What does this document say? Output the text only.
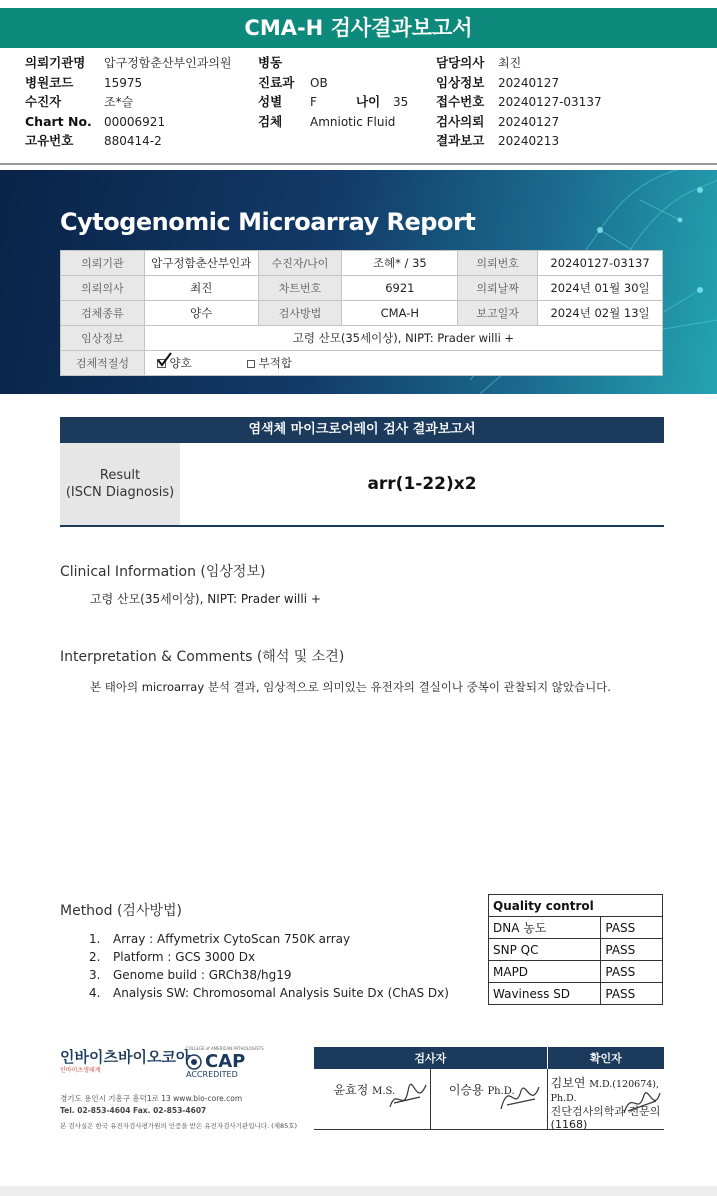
CMA-H 검사결과보고서
의뢰기관명 압구정함춘산부인과의원 병동	담당의사 최진
병원코드	15975	진료과 OB	임상정보 20240127
수진자	조*슬	성별 F	나이 35 접수번호 20240127-03137
Chart No. 00006921	검체 Amniotic Fluid	검사의뢰 20240127
고유번호	880414-2	결과보고 20240213
Cytogenomic Microarray Report
의뢰기관	압구정함춘산부인과	수진자/나이	조혜* / 35	의뢰번호	20240127-03137
의뢰의사	최진	차트번호	6921	의뢰날짜	2024년 01월 30일
검체종류	양수	검사방법	CMA-H	보고일자	2024년 02월 13일
임상정보	고령 산모(35세이상), NIPT: Prader willi +				
검체적절성	양호 부적합				
염색체 마이크로어레이 검사 결과보고서
Result
(ISCN Diagnosis)	arr(1-22)x2
Clinical Information (임상정보)
고령 산모(35세이상), NIPT: Prader willi +
Interpretation & Comments (해석 및 소견)
본 태아의 microarray 분석 결과, 임상적으로 의미있는 유전자의 결실이나 중복이 관찰되지 않았습니다.
Method (검사방법)
1. Array : Affymetrix CytoScan 750K array
2. Platform : GCS 3000 Dx
3. Genome build : GRCh38/hg19
4. Analysis SW: Chromosomal Analysis Suite Dx (ChAS Dx)
Quality control	
DNA 농도	PASS
SNP QC	PASS
MAPD	PASS
Waviness SD	PASS
인바이츠바이오코아
인바이츠생태계
COLLEGE of AMERICAN PATHOLOGISTS
CAP
ACCREDITED
경기도 용인시 기흥구 흥덕1로 13 www.bio-core.com
Tel. 02-853-4604 Fax. 02-853-4607
본 검사실은 한국 유전자검사평가원의 인증을 받은 유전자검사기관입니다. (제85호)
검사자		확인자

윤효정 M.S.	이승용 Ph.D.	김보연 M.D.(120674), Ph.D.
진단검사의학과 전문의(1168)
